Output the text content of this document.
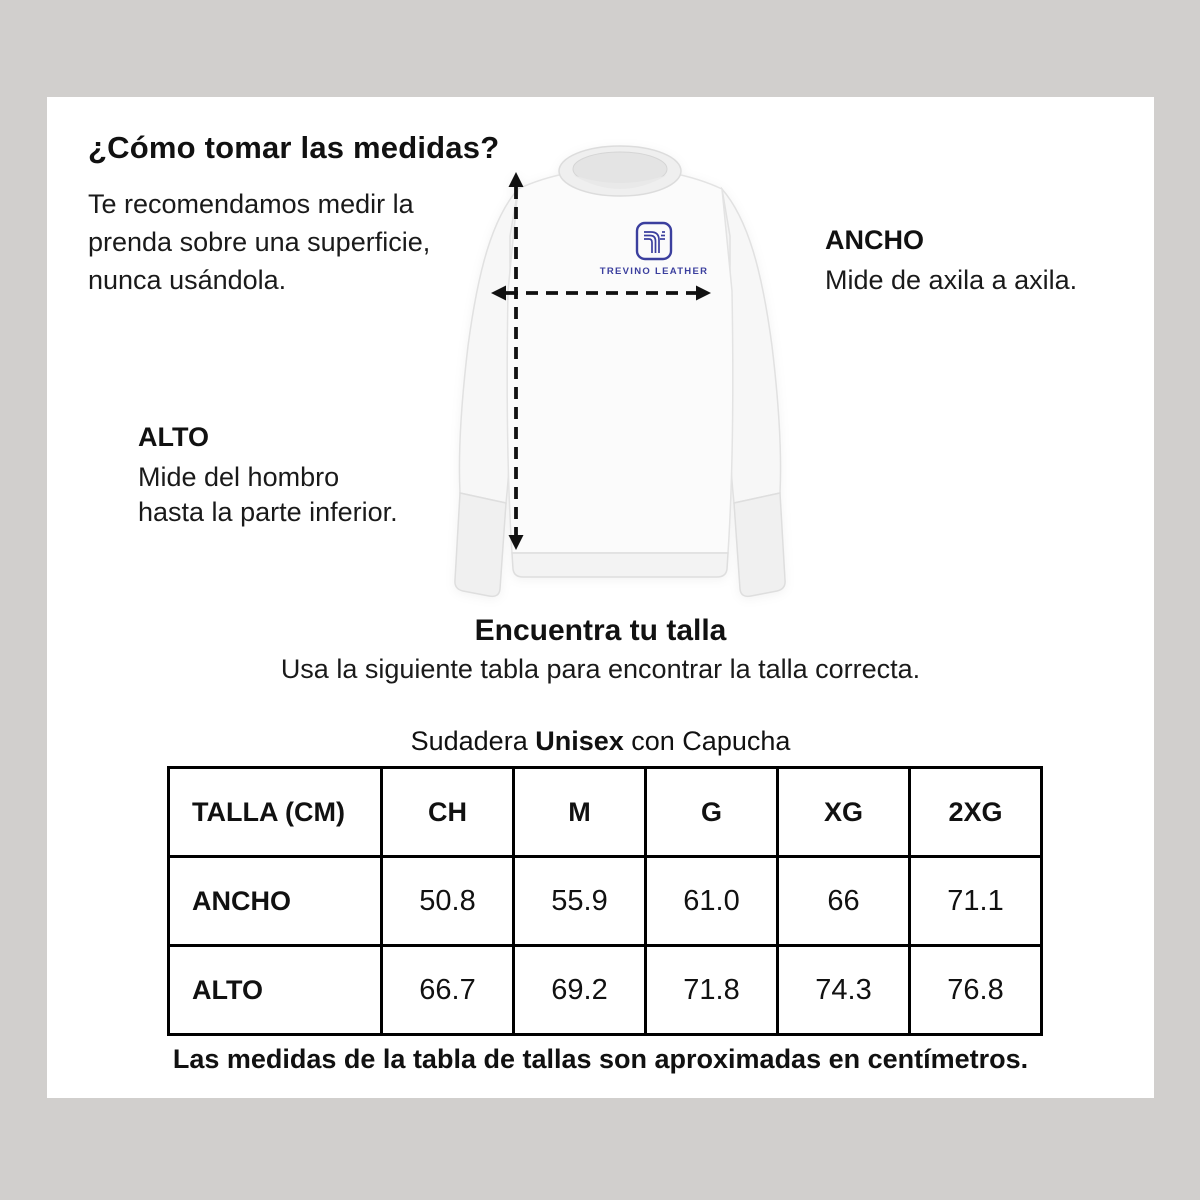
¿Cómo tomar las medidas?
Te recomendamos medir la
prenda sobre una superficie,
nunca usándola.
ANCHO
Mide de axila a axila.
ALTO
Mide del hombro
hasta la parte inferior.
TREVINO LEATHER
Encuentra tu talla
Usa la siguiente tabla para encontrar la talla correcta.
Sudadera Unisex con Capucha
TALLA (CM)	CH	M	G	XG	2XG
ANCHO	50.8	55.9	61.0	66	71.1
ALTO	66.7	69.2	71.8	74.3	76.8
Las medidas de la tabla de tallas son aproximadas en centímetros.
